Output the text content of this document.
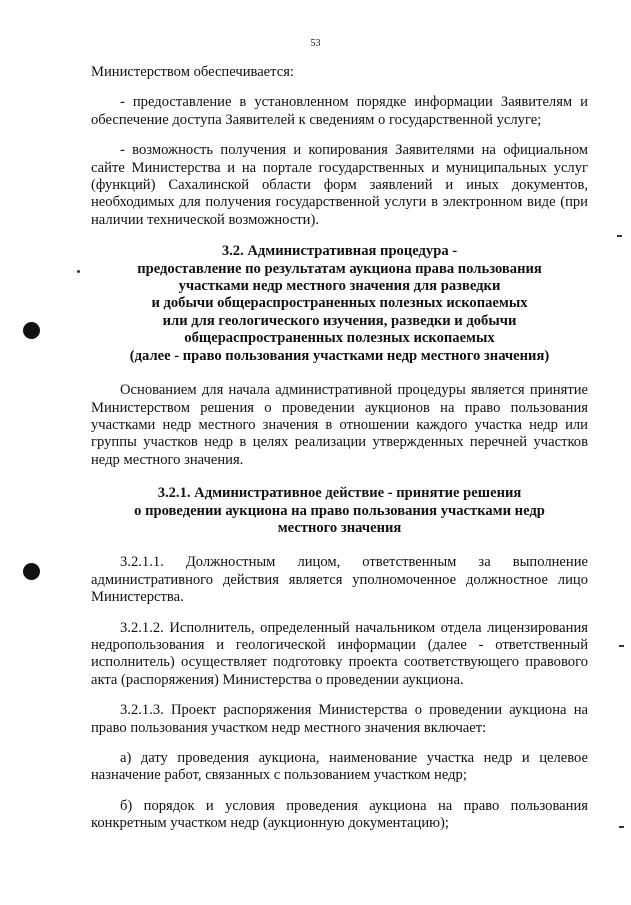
53

Министерством обеспечивается:

- предоставление в установленном порядке информации Заявителям и обеспечение доступа Заявителей к сведениям о государственной услуге;

- возможность получения и копирования Заявителями на официальном сайте Министерства и на портале государственных и муниципальных услуг (функций) Сахалинской области форм заявлений и иных документов, необходимых для получения государственной услуги в электронном виде (при наличии технической возможности).

3.2. Административная процедура -
предоставление по результатам аукциона права пользования
участками недр местного значения для разведки
и добычи общераспространенных полезных ископаемых
или для геологического изучения, разведки и добычи
общераспространенных полезных ископаемых
(далее - право пользования участками недр местного значения)

Основанием для начала административной процедуры является принятие Министерством решения о проведении аукционов на право пользования участками недр местного значения в отношении каждого участка недр или группы участков недр в целях реализации утвержденных перечней участков недр местного значения.

3.2.1. Административное действие - принятие решения
о проведении аукциона на право пользования участками недр
местного значения

3.2.1.1. Должностным лицом, ответственным за выполнение административного действия является уполномоченное должностное лицо Министерства.

3.2.1.2. Исполнитель, определенный начальником отдела лицензирования недропользования и геологической информации (далее - ответственный исполнитель) осуществляет подготовку проекта соответствующего правового акта (распоряжения) Министерства о проведении аукциона.

3.2.1.3. Проект распоряжения Министерства о проведении аукциона на право пользования участком недр местного значения включает:

а) дату проведения аукциона, наименование участка недр и целевое назначение работ, связанных с пользованием участком недр;

б) порядок и условия проведения аукциона на право пользования конкретным участком недр (аукционную документацию);
